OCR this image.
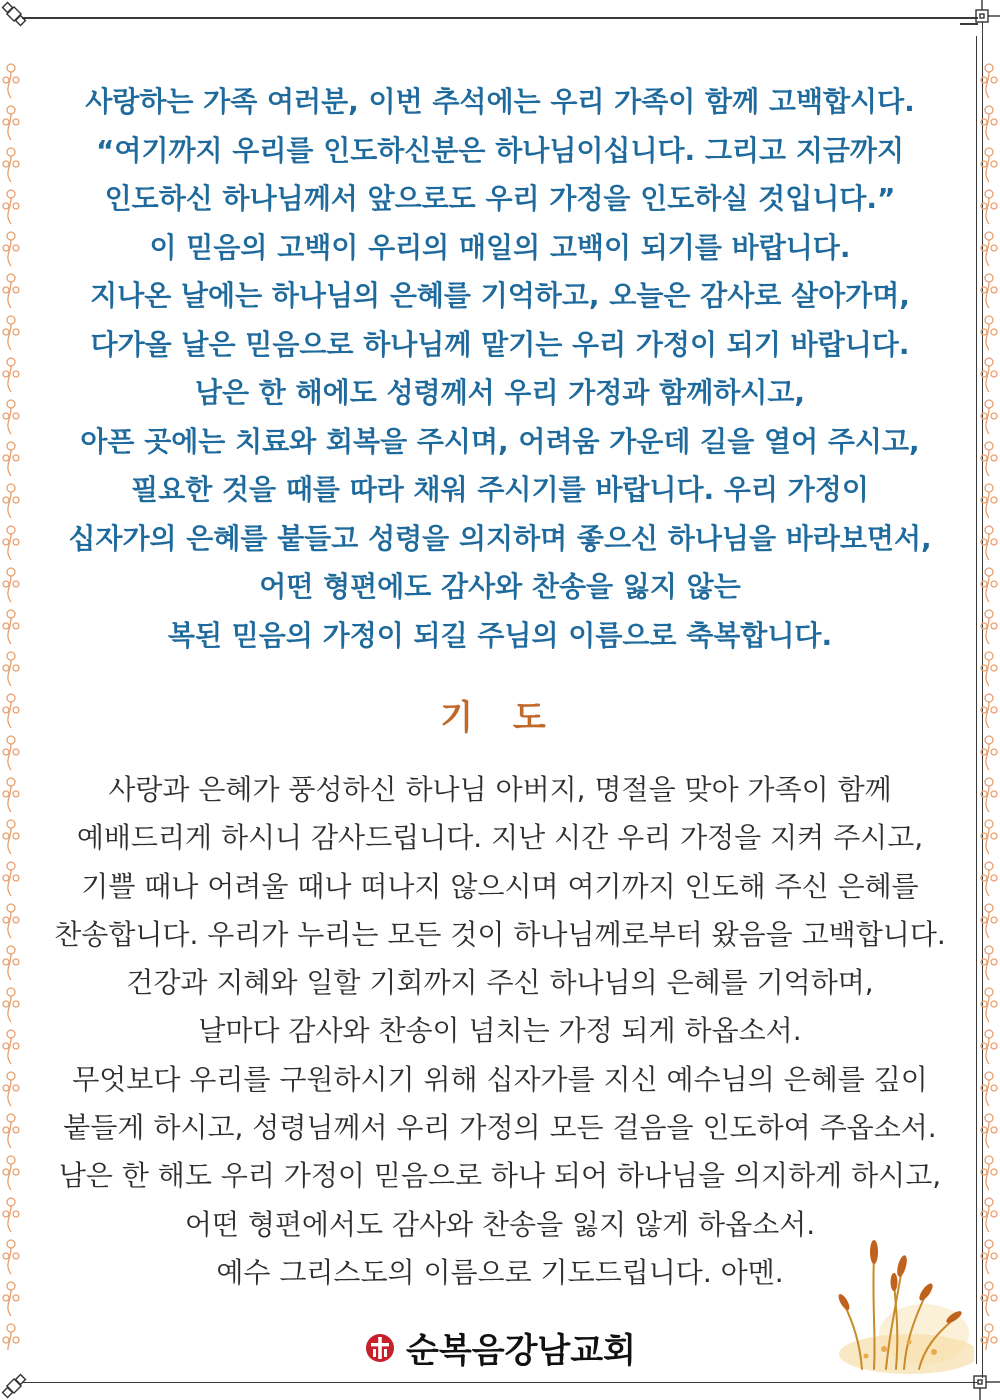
사랑하는 가족 여러분, 이번 추석에는 우리 가족이 함께 고백합시다.
“여기까지 우리를 인도하신분은 하나님이십니다. 그리고 지금까지
인도하신 하나님께서 앞으로도 우리 가정을 인도하실 것입니다.”
이 믿음의 고백이 우리의 매일의 고백이 되기를 바랍니다.
지나온 날에는 하나님의 은혜를 기억하고, 오늘은 감사로 살아가며,
다가올 날은 믿음으로 하나님께 맡기는 우리 가정이 되기 바랍니다.
남은 한 해에도 성령께서 우리 가정과 함께하시고,
아픈 곳에는 치료와 회복을 주시며, 어려움 가운데 길을 열어 주시고,
필요한 것을 때를 따라 채워 주시기를 바랍니다. 우리 가정이
십자가의 은혜를 붙들고 성령을 의지하며 좋으신 하나님을 바라보면서,
어떤 형편에도 감사와 찬송을 잃지 않는
복된 믿음의 가정이 되길 주님의 이름으로 축복합니다.
기 도
사랑과 은혜가 풍성하신 하나님 아버지, 명절을 맞아 가족이 함께
예배드리게 하시니 감사드립니다. 지난 시간 우리 가정을 지켜 주시고,
기쁠 때나 어려울 때나 떠나지 않으시며 여기까지 인도해 주신 은혜를
찬송합니다. 우리가 누리는 모든 것이 하나님께로부터 왔음을 고백합니다.
건강과 지혜와 일할 기회까지 주신 하나님의 은혜를 기억하며,
날마다 감사와 찬송이 넘치는 가정 되게 하옵소서.
무엇보다 우리를 구원하시기 위해 십자가를 지신 예수님의 은혜를 깊이
붙들게 하시고, 성령님께서 우리 가정의 모든 걸음을 인도하여 주옵소서.
남은 한 해도 우리 가정이 믿음으로 하나 되어 하나님을 의지하게 하시고,
어떤 형편에서도 감사와 찬송을 잃지 않게 하옵소서.
예수 그리스도의 이름으로 기도드립니다. 아멘.
순복음강남교회
